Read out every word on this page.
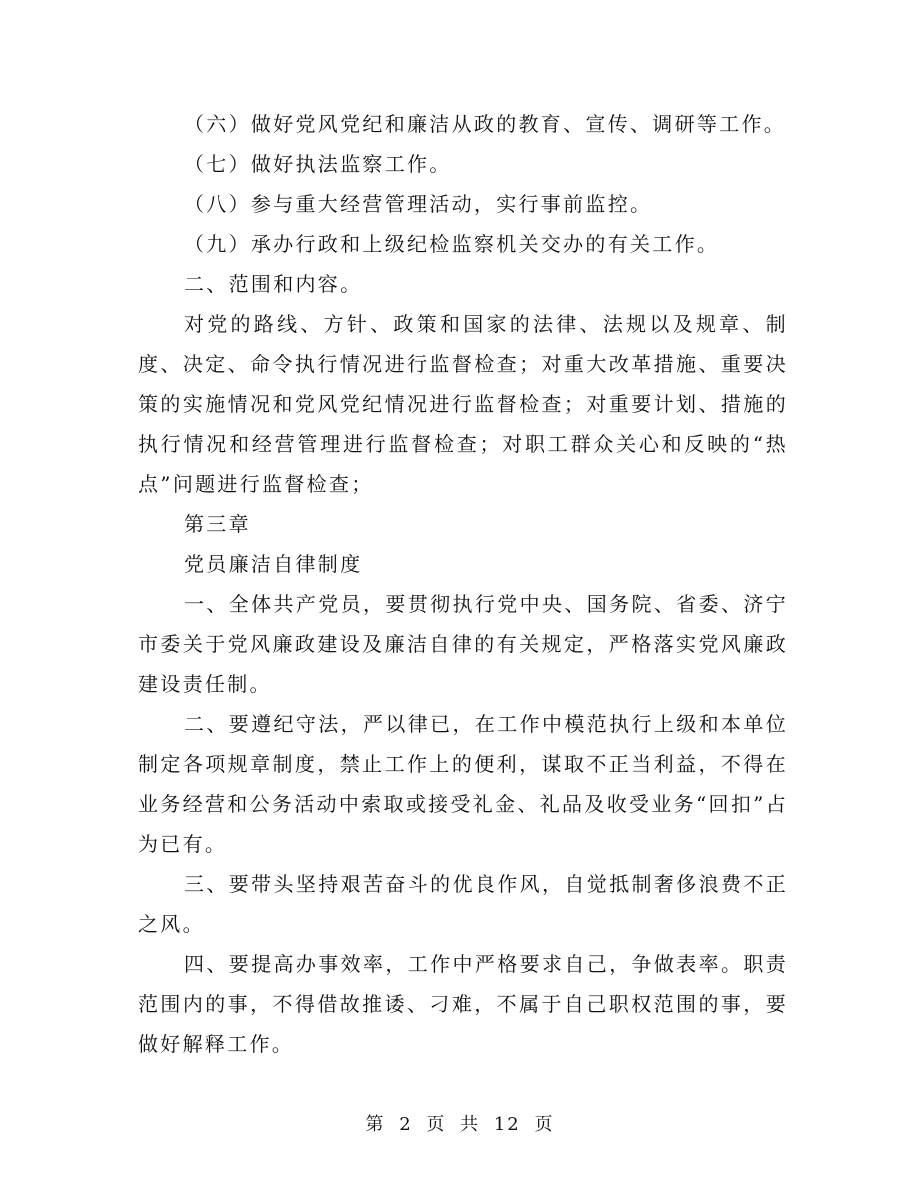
（六）做好党风党纪和廉洁从政的教育、宣传、调研等工作。

（七）做好执法监察工作。

（八）参与重大经营管理活动，实行事前监控。

（九）承办行政和上级纪检监察机关交办的有关工作。

二、范围和内容。

对党的路线、方针、政策和国家的法律、法规以及规章、制度、决定、命令执行情况进行监督检查；对重大改革措施、重要决策的实施情况和党风党纪情况进行监督检查；对重要计划、措施的执行情况和经营管理进行监督检查；对职工群众关心和反映的“热点”问题进行监督检查；

第三章

党员廉洁自律制度

一、全体共产党员，要贯彻执行党中央、国务院、省委、济宁市委关于党风廉政建设及廉洁自律的有关规定，严格落实党风廉政建设责任制。

二、要遵纪守法，严以律已，在工作中模范执行上级和本单位制定各项规章制度，禁止工作上的便利，谋取不正当利益，不得在业务经营和公务活动中索取或接受礼金、礼品及收受业务“回扣”占为已有。

三、要带头坚持艰苦奋斗的优良作风，自觉抵制奢侈浪费不正之风。

四、要提高办事效率，工作中严格要求自己，争做表率。职责范围内的事，不得借故推诿、刁难，不属于自己职权范围的事，要做好解释工作。

第 2 页 共 12 页
